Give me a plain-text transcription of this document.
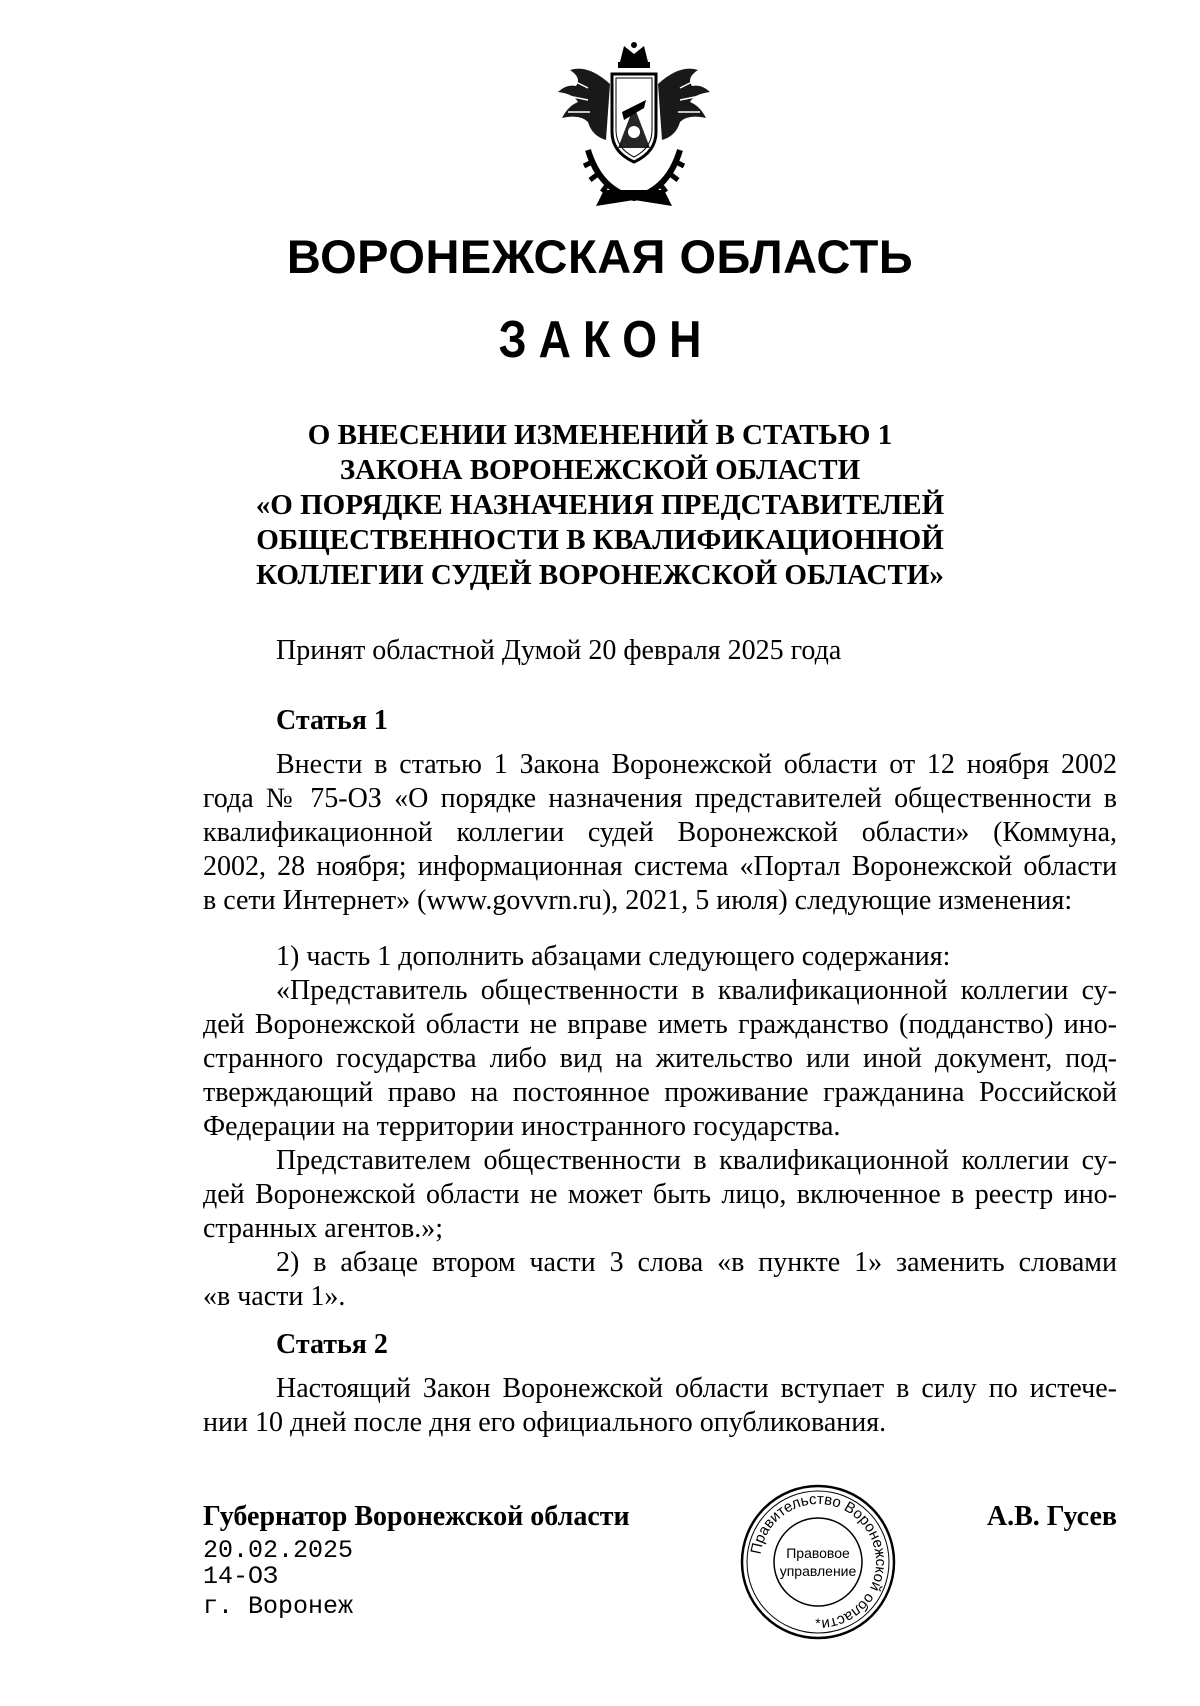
ВОРОНЕЖСКАЯ ОБЛАСТЬ
ЗАКОН
О ВНЕСЕНИИ ИЗМЕНЕНИЙ В СТАТЬЮ 1
ЗАКОНА ВОРОНЕЖСКОЙ ОБЛАСТИ
«О ПОРЯДКЕ НАЗНАЧЕНИЯ ПРЕДСТАВИТЕЛЕЙ
ОБЩЕСТВЕННОСТИ В КВАЛИФИКАЦИОННОЙ
КОЛЛЕГИИ СУДЕЙ ВОРОНЕЖСКОЙ ОБЛАСТИ»
Принят областной Думой 20 февраля 2025 года
Статья 1
Внести в статью 1 Закона Воронежской области от 12 ноября 2002
года № 75-ОЗ «О порядке назначения представителей общественности в
квалификационной коллегии судей Воронежской области» (Коммуна,
2002, 28 ноября; информационная система «Портал Воронежской области
в сети Интернет» (www.govvrn.ru), 2021, 5 июля) следующие изменения:
1) часть 1 дополнить абзацами следующего содержания:
«Представитель общественности в квалификационной коллегии су-
дей Воронежской области не вправе иметь гражданство (подданство) ино-
странного государства либо вид на жительство или иной документ, под-
тверждающий право на постоянное проживание гражданина Российской
Федерации на территории иностранного государства.
Представителем общественности в квалификационной коллегии су-
дей Воронежской области не может быть лицо, включенное в реестр ино-
странных агентов.»;
2) в абзаце втором части 3 слова «в пункте 1» заменить словами
«в части 1».
Статья 2
Настоящий Закон Воронежской области вступает в силу по истече-
нии 10 дней после дня его официального опубликования.
Губернатор Воронежской области	А.В. Гусев
20.02.2025
14-ОЗ
г. Воронеж
Правительство Воронежской области
Правовое
управление
*
